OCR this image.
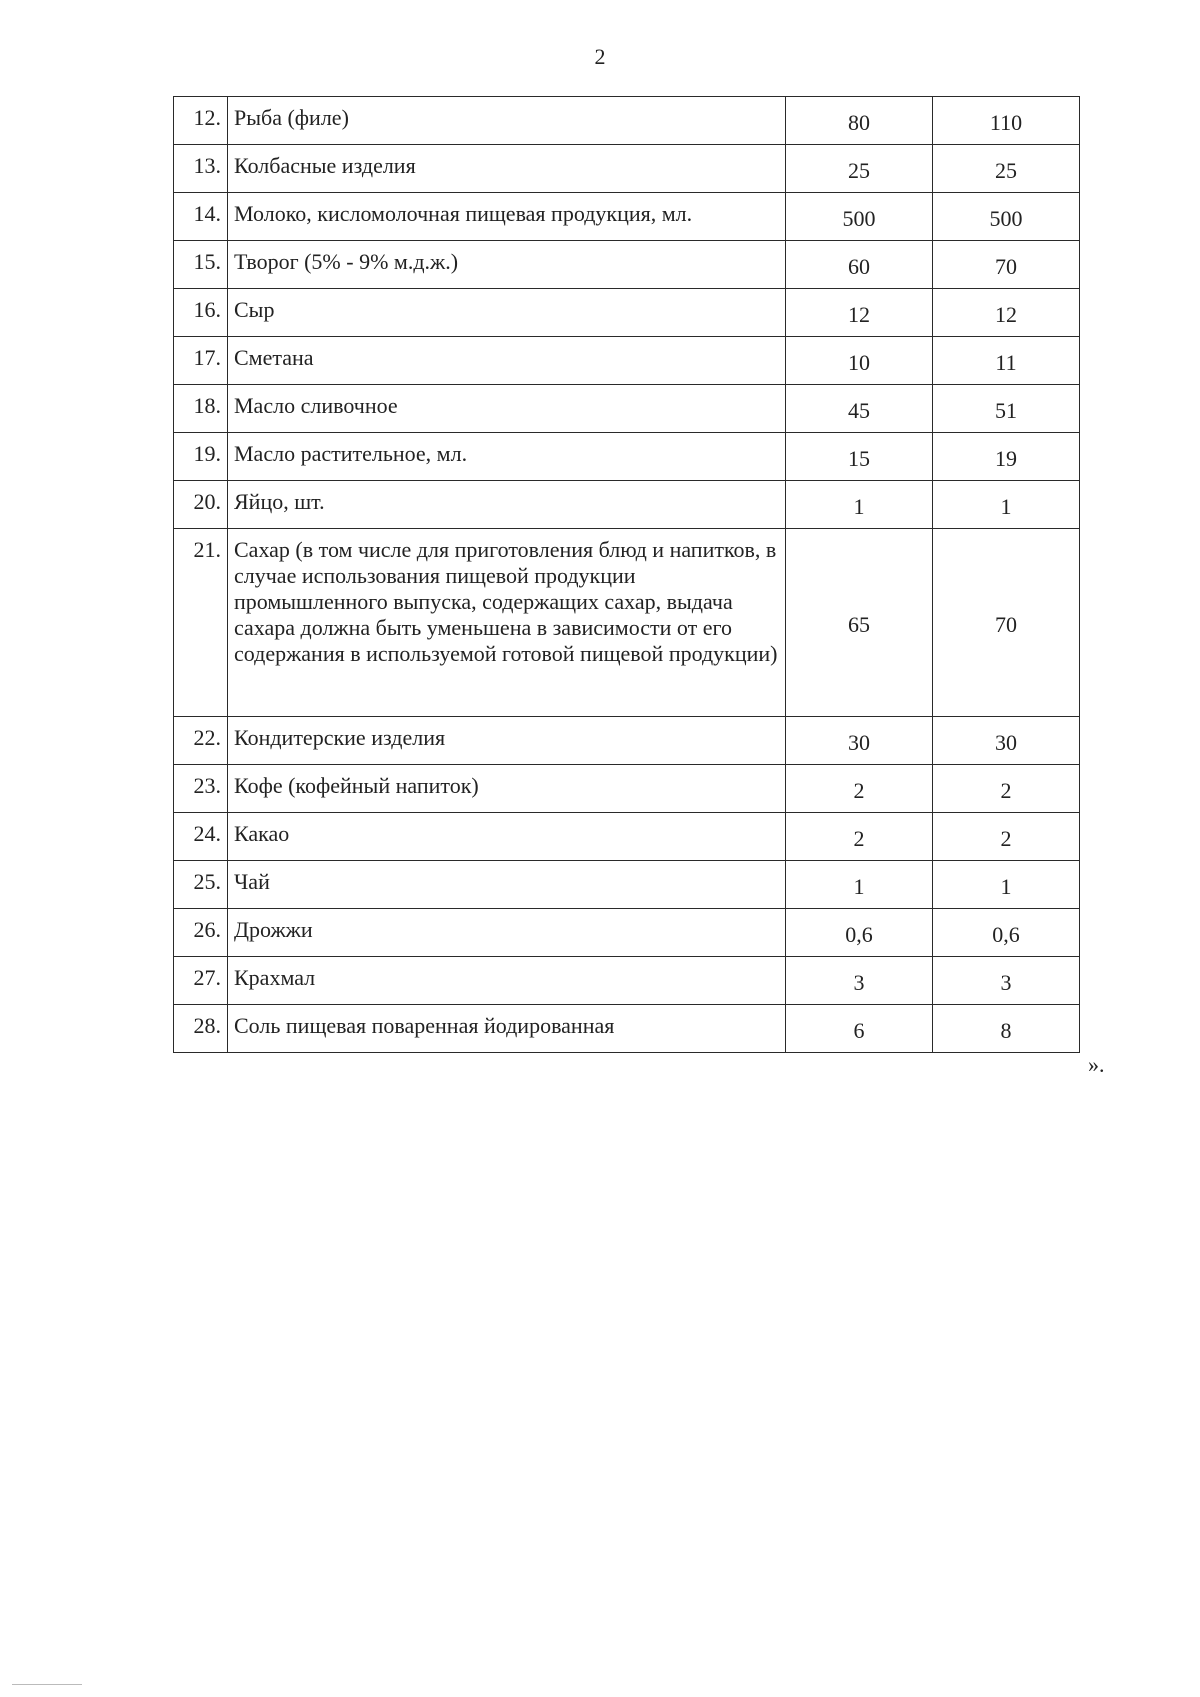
2
12.	Рыба (филе)	80	110
13.	Колбасные изделия	25	25
14.	Молоко, кисломолочная пищевая продукция, мл.	500	500
15.	Творог (5% - 9% м.д.ж.)	60	70
16.	Сыр	12	12
17.	Сметана	10	11
18.	Масло сливочное	45	51
19.	Масло растительное, мл.	15	19
20.	Яйцо, шт.	1	1
21.	Сахар (в том числе для приготовления блюд и напитков, в случае использования пищевой продукции промышленного выпуска, содержащих сахар, выдача сахара должна быть уменьшена в зависимости от его содержания в используемой готовой пищевой продукции)	65	70
22.	Кондитерские изделия	30	30
23.	Кофе (кофейный напиток)	2	2
24.	Какао	2	2
25.	Чай	1	1
26.	Дрожжи	0,6	0,6
27.	Крахмал	3	3
28.	Соль пищевая поваренная йодированная	6	8
».
